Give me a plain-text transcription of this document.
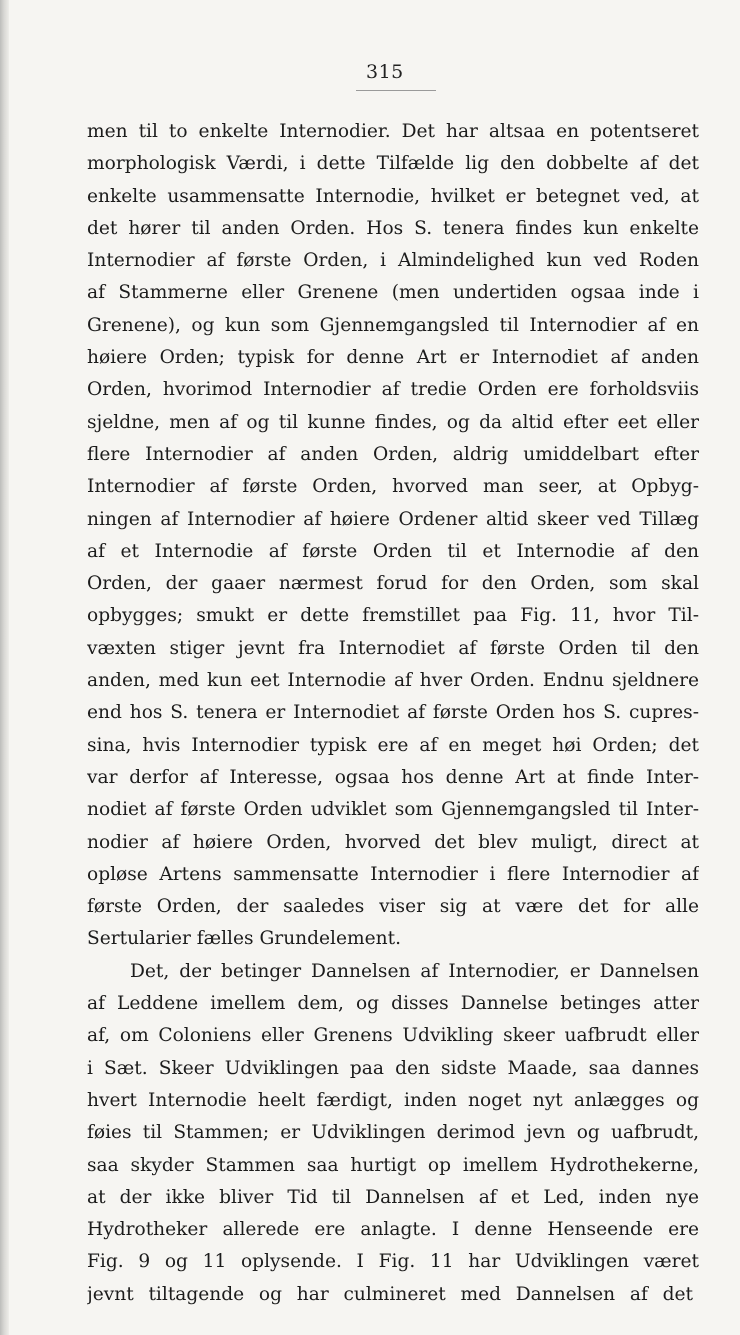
315
men til to enkelte Internodier. Det har altsaa en potentseret
morphologisk Værdi, i dette Tilfælde lig den dobbelte af det
enkelte usammensatte Internodie, hvilket er betegnet ved, at
det hører til anden Orden. Hos S. tenera findes kun enkelte
Internodier af første Orden, i Almindelighed kun ved Roden
af Stammerne eller Grenene (men undertiden ogsaa inde i
Grenene), og kun som Gjennemgangsled til Internodier af en
høiere Orden; typisk for denne Art er Internodiet af anden
Orden, hvorimod Internodier af tredie Orden ere forholdsviis
sjeldne, men af og til kunne findes, og da altid efter eet eller
flere Internodier af anden Orden, aldrig umiddelbart efter
Internodier af første Orden, hvorved man seer, at Opbyg-
ningen af Internodier af høiere Ordener altid skeer ved Tillæg
af et Internodie af første Orden til et Internodie af den
Orden, der gaaer nærmest forud for den Orden, som skal
opbygges; smukt er dette fremstillet paa Fig. 11, hvor Til-
væxten stiger jevnt fra Internodiet af første Orden til den
anden, med kun eet Internodie af hver Orden. Endnu sjeldnere
end hos S. tenera er Internodiet af første Orden hos S. cupres-
sina, hvis Internodier typisk ere af en meget høi Orden; det
var derfor af Interesse, ogsaa hos denne Art at finde Inter-
nodiet af første Orden udviklet som Gjennemgangsled til Inter-
nodier af høiere Orden, hvorved det blev muligt, direct at
opløse Artens sammensatte Internodier i flere Internodier af
første Orden, der saaledes viser sig at være det for alle
Sertularier fælles Grundelement.
Det, der betinger Dannelsen af Internodier, er Dannelsen
af Leddene imellem dem, og disses Dannelse betinges atter
af, om Coloniens eller Grenens Udvikling skeer uafbrudt eller
i Sæt. Skeer Udviklingen paa den sidste Maade, saa dannes
hvert Internodie heelt færdigt, inden noget nyt anlægges og
føies til Stammen; er Udviklingen derimod jevn og uafbrudt,
saa skyder Stammen saa hurtigt op imellem Hydrothekerne,
at der ikke bliver Tid til Dannelsen af et Led, inden nye
Hydrotheker allerede ere anlagte. I denne Henseende ere
Fig. 9 og 11 oplysende. I Fig. 11 har Udviklingen været
jevnt tiltagende og har culmineret med Dannelsen af det
